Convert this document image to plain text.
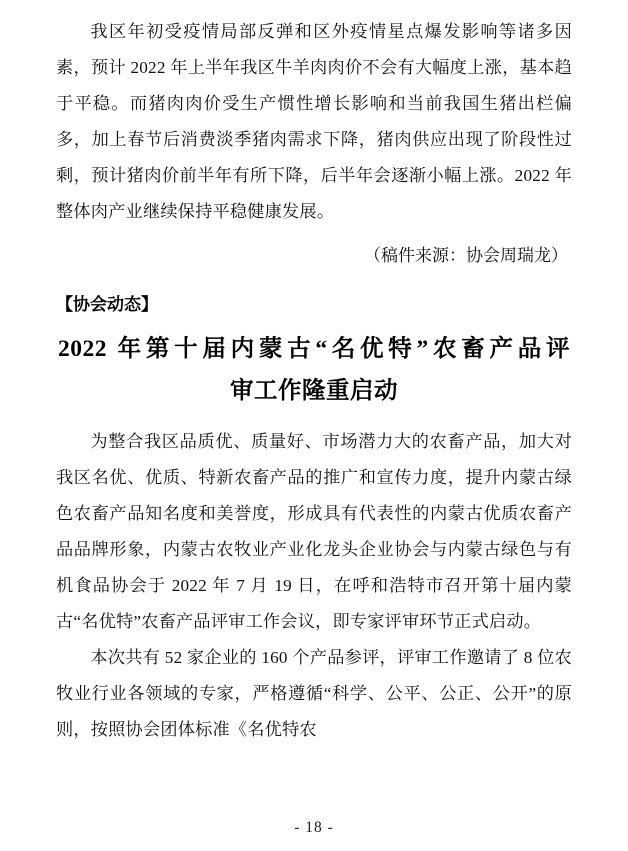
我区年初受疫情局部反弹和区外疫情星点爆发影响等诸多因素，预计 2022 年上半年我区牛羊肉肉价不会有大幅度上涨，基本趋于平稳。而猪肉肉价受生产惯性增长影响和当前我国生猪出栏偏多，加上春节后消费淡季猪肉需求下降，猪肉供应出现了阶段性过剩，预计猪肉价前半年有所下降，后半年会逐渐小幅上涨。2022 年整体肉产业继续保持平稳健康发展。

（稿件来源：协会周瑞龙）

【协会动态】

2022 年第十届内蒙古“名优特”农畜产品评
审工作隆重启动

为整合我区品质优、质量好、市场潜力大的农畜产品，加大对我区名优、优质、特新农畜产品的推广和宣传力度，提升内蒙古绿色农畜产品知名度和美誉度，形成具有代表性的内蒙古优质农畜产品品牌形象，内蒙古农牧业产业化龙头企业协会与内蒙古绿色与有机食品协会于 2022 年 7 月 19 日，在呼和浩特市召开第十届内蒙古“名优特”农畜产品评审工作会议，即专家评审环节正式启动。

本次共有 52 家企业的 160 个产品参评，评审工作邀请了 8 位农牧业行业各领域的专家，严格遵循“科学、公平、公正、公开”的原则，按照协会团体标准《名优特农

- 18 -
